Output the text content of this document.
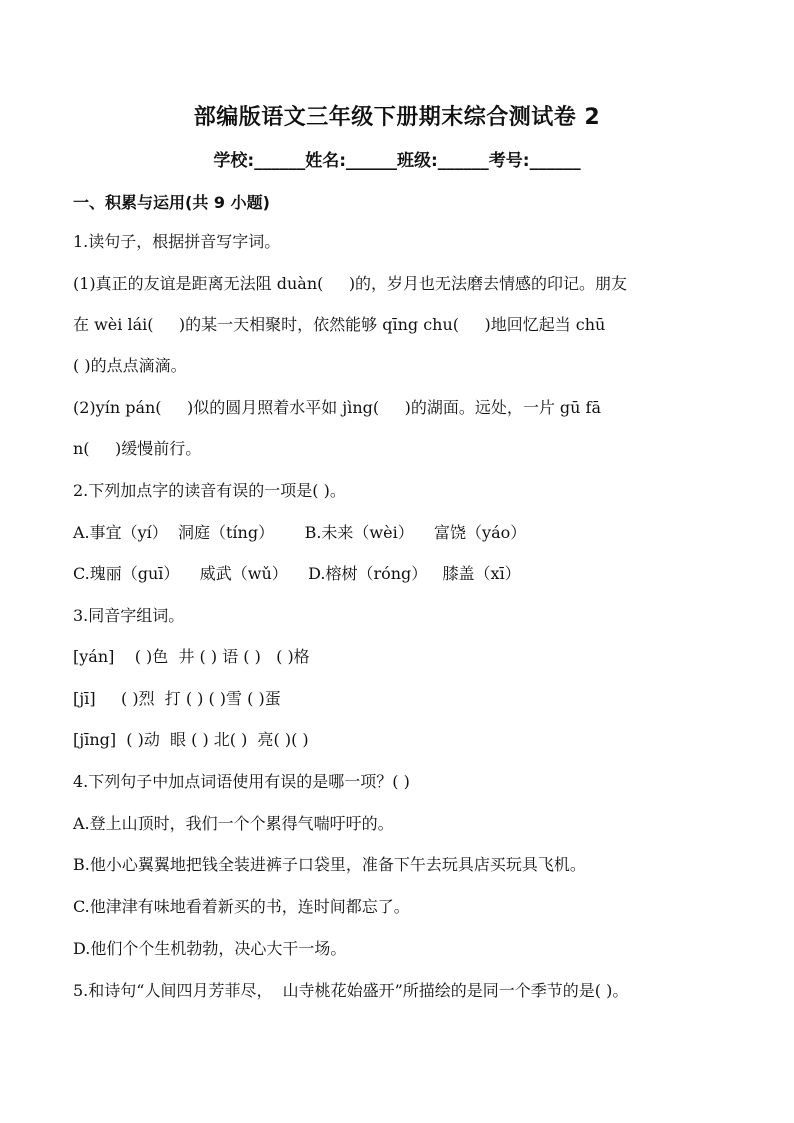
部编版语文三年级下册期末综合测试卷 2
学校:______姓名:______班级:______考号:______
一、积累与运用(共 9 小题)
1.读句子，根据拼音写字词。
(1)真正的友谊是距离无法阻 duàn(     )的，岁月也无法磨去情感的印记。朋友
在 wèi lái(     )的某一天相聚时，依然能够 qīng chu(     )地回忆起当 chū
( )的点点滴滴。
(2)yín pán(     )似的圆月照着水平如 jìng(     )的湖面。远处，一片 gū fā
n(     )缓慢前行。
2.下列加点字的读音有误的一项是( )。
A.事宜（yí）  洞庭（tíng）      B.未来（wèi）    富饶（yáo）
C.瑰丽（guī）    威武（wǔ）    D.榕树（róng）   膝盖（xī）
3.同音字组词。
[yán]    ( )色  井 ( ) 语 ( )   ( )格
[jī]     ( )烈  打 ( ) ( )雪 ( )蛋
[jīng]  ( )动  眼 ( ) 北( )  亮( )( )
4.下列句子中加点词语使用有误的是哪一项？( )
A.登上山顶时，我们一个个累得气喘吁吁的。
B.他小心翼翼地把钱全装进裤子口袋里，准备下午去玩具店买玩具飞机。
C.他津津有味地看着新买的书，连时间都忘了。
D.他们个个生机勃勃，决心大干一场。
5.和诗句“人间四月芳菲尽，  山寺桃花始盛开”所描绘的是同一个季节的是( )。
